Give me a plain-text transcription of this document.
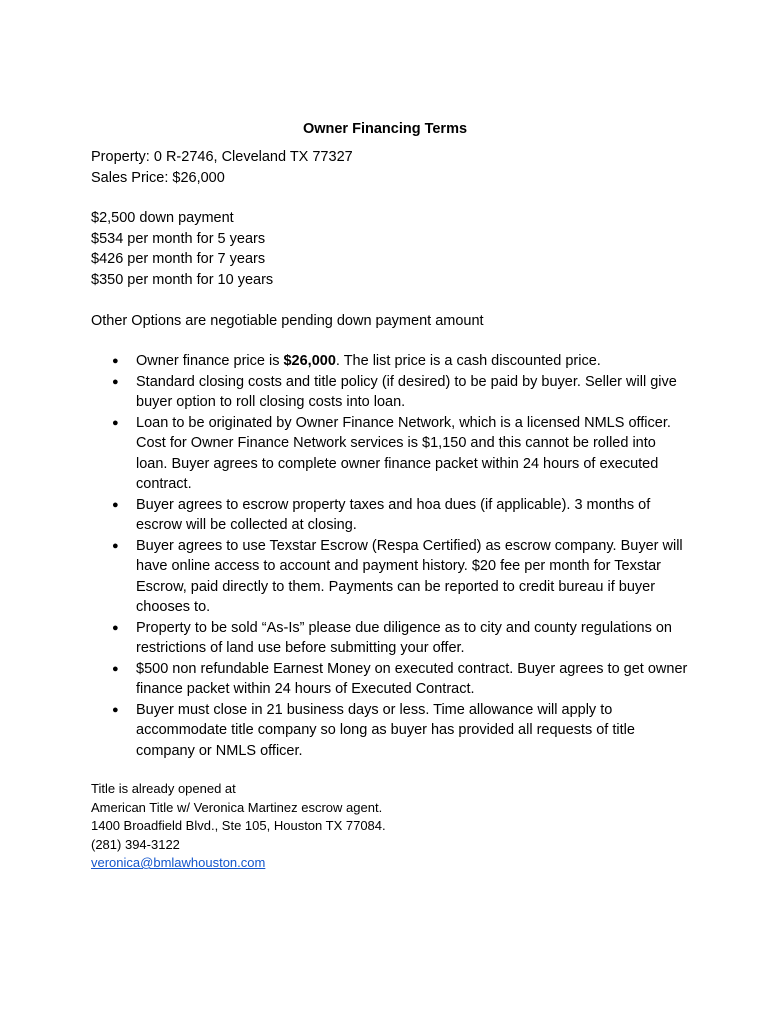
Owner Financing Terms
Property: 0 R-2746, Cleveland TX 77327
Sales Price: $26,000
$2,500 down payment
$534 per month for 5 years
$426 per month for 7 years
$350 per month for 10 years
Other Options are negotiable pending down payment amount
● Owner finance price is $26,000. The list price is a cash discounted price.
● Standard closing costs and title policy (if desired) to be paid by buyer. Seller will give buyer option to roll closing costs into loan.
● Loan to be originated by Owner Finance Network, which is a licensed NMLS officer. Cost for Owner Finance Network services is $1,150 and this cannot be rolled into loan. Buyer agrees to complete owner finance packet within 24 hours of executed contract.
● Buyer agrees to escrow property taxes and hoa dues (if applicable). 3 months of escrow will be collected at closing.
● Buyer agrees to use Texstar Escrow (Respa Certified) as escrow company. Buyer will have online access to account and payment history. $20 fee per month for Texstar Escrow, paid directly to them. Payments can be reported to credit bureau if buyer chooses to.
● Property to be sold “As-Is” please due diligence as to city and county regulations on restrictions of land use before submitting your offer.
● $500 non refundable Earnest Money on executed contract. Buyer agrees to get owner finance packet within 24 hours of Executed Contract.
● Buyer must close in 21 business days or less. Time allowance will apply to accommodate title company so long as buyer has provided all requests of title company or NMLS officer.
Title is already opened at
American Title w/ Veronica Martinez escrow agent.
1400 Broadfield Blvd., Ste 105, Houston TX 77084.
(281) 394-3122
veronica@bmlawhouston.com
